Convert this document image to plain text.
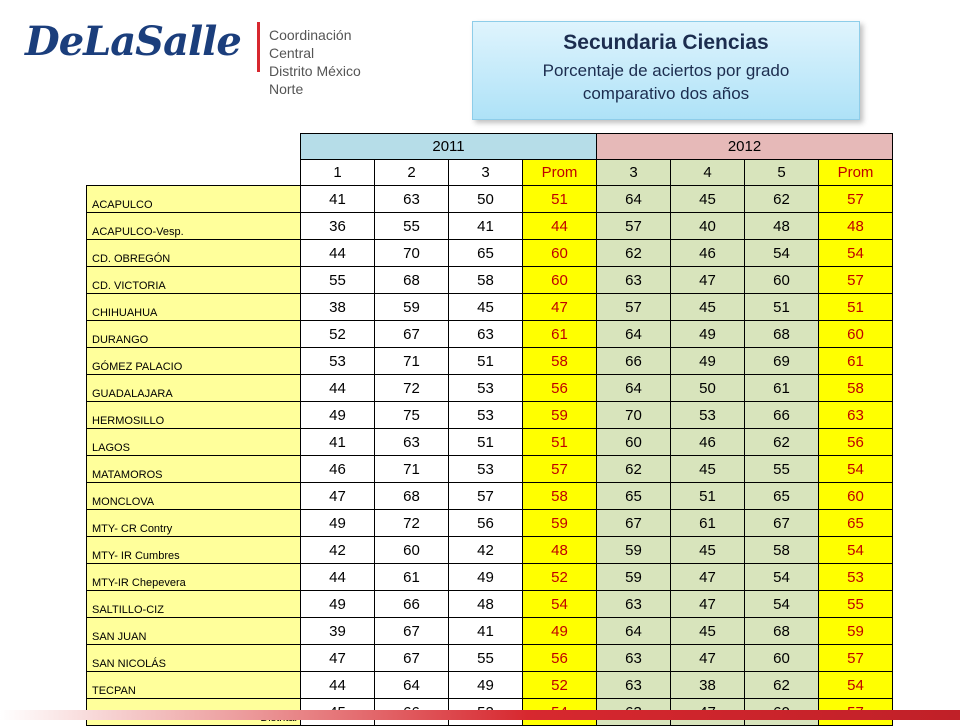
DeLaSalle Coordinación Central
Distrito México Norte
Secundaria Ciencias
Porcentaje de aciertos por grado
comparativo dos años
	2011				2012			
	1	2	3	Prom	3	4	5	Prom
ACAPULCO	41	63	50	51	64	45	62	57
ACAPULCO-Vesp.	36	55	41	44	57	40	48	48
CD. OBREGÓN	44	70	65	60	62	46	54	54
CD. VICTORIA	55	68	58	60	63	47	60	57
CHIHUAHUA	38	59	45	47	57	45	51	51
DURANGO	52	67	63	61	64	49	68	60
GÓMEZ PALACIO	53	71	51	58	66	49	69	61
GUADALAJARA	44	72	53	56	64	50	61	58
HERMOSILLO	49	75	53	59	70	53	66	63
LAGOS	41	63	51	51	60	46	62	56
MATAMOROS	46	71	53	57	62	45	55	54
MONCLOVA	47	68	57	58	65	51	65	60
MTY- CR Contry	49	72	56	59	67	61	67	65
MTY- IR Cumbres	42	60	42	48	59	45	58	54
MTY-IR Chepevera	44	61	49	52	59	47	54	53
SALTILLO-CIZ	49	66	48	54	63	47	54	55
SAN JUAN	39	67	41	49	64	45	68	59
SAN NICOLÁS	47	67	55	56	63	47	60	57
TECPAN	44	64	49	52	63	38	62	54
